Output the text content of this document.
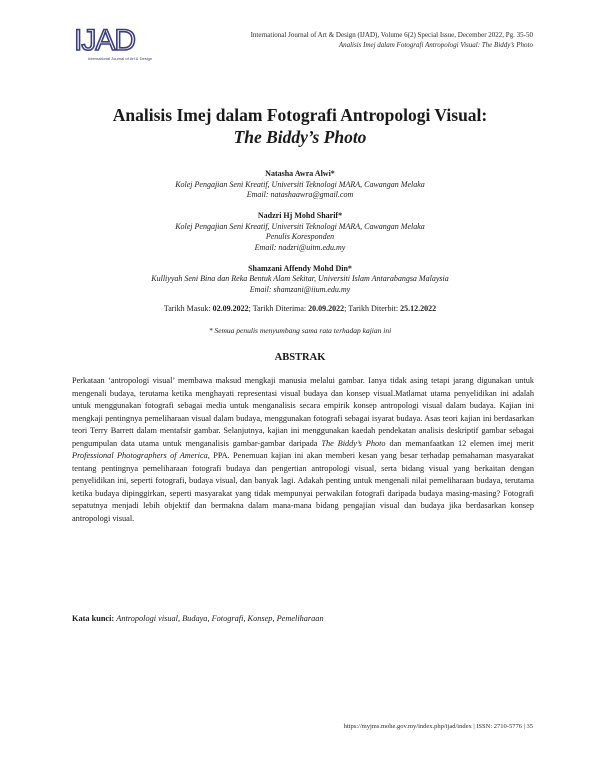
IJAD
International Journal of Art & Design
International Journal of Art & Design (IJAD), Volume 6(2) Special Issue, December 2022, Pg. 35-50
Analisis Imej dalam Fotografi Antropologi Visual: The Biddy’s Photo
Analisis Imej dalam Fotografi Antropologi Visual:
The Biddy’s Photo
Natasha Awra Alwi*
Kolej Pengajian Seni Kreatif, Universiti Teknologi MARA, Cawangan Melaka
Email: natashaawra@gmail.com
Nadzri Hj Mohd Sharif*
Kolej Pengajian Seni Kreatif, Universiti Teknologi MARA, Cawangan Melaka
Penulis Koresponden
Email: nadzri@uitm.edu.my
Shamzani Affendy Mohd Din*
Kulliyyah Seni Bina dan Reka Bentuk Alam Sekitar, Universiti Islam Antarabangsa Malaysia
Email: shamzani@iium.edu.my
Tarikh Masuk: 02.09.2022; Tarikh Diterima: 20.09.2022; Tarikh Diterbit: 25.12.2022
* Semua penulis menyumbang sama rata terhadap kajian ini
ABSTRAK

Perkataan ‘antropologi visual’ membawa maksud mengkaji manusia melalui gambar. Ianya tidak asing tetapi jarang digunakan untuk mengenali budaya, terutama ketika menghayati representasi visual budaya dan konsep visual.Matlamat utama penyelidikan ini adalah untuk menggunakan fotografi sebagai media untuk menganalisis secara empirik konsep antropologi visual dalam budaya. Kajian ini mengkaji pentingnya pemeliharaan visual dalam budaya, menggunakan fotografi sebagai isyarat budaya. Asas teori kajian ini berdasarkan teori Terry Barrett dalam mentafsir gambar. Selanjutnya, kajian ini menggunakan kaedah pendekatan analisis deskriptif gambar sebagai pengumpulan data utama untuk menganalisis gambar-gambar daripada The Biddy’s Photo dan memanfaatkan 12 elemen imej merit Professional Photographers of America, PPA. Penemuan kajian ini akan memberi kesan yang besar terhadap pemahaman masyarakat tentang pentingnya pemeliharaan fotografi budaya dan pengertian antropologi visual, serta bidang visual yang berkaitan dengan penyelidikan ini, seperti fotografi, budaya visual, dan banyak lagi. Adakah penting untuk mengenali nilai pemeliharaan budaya, terutama ketika budaya dipinggirkan, seperti masyarakat yang tidak mempunyai perwakilan fotografi daripada budaya masing-masing? Fotografi sepatutnya menjadi lebih objektif dan bermakna dalam mana-mana bidang pengajian visual dan budaya jika berdasarkan konsep antropologi visual.

Kata kunci: Antropologi visual, Budaya, Fotografi, Konsep, Pemeliharaan
https://myjms.mohe.gov.my/index.php/ijad/index | ISSN: 2710-5776 | 35
